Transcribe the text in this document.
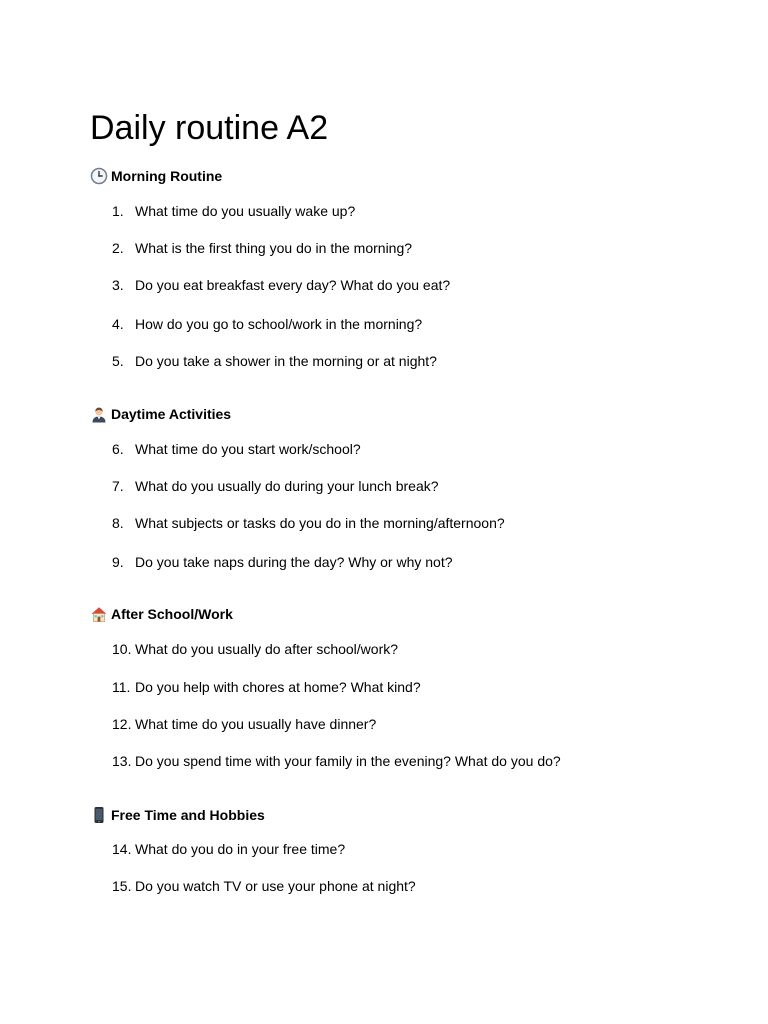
Daily routine A2
Morning Routine
1. What time do you usually wake up?
2. What is the first thing you do in the morning?
3. Do you eat breakfast every day? What do you eat?
4. How do you go to school/work in the morning?
5. Do you take a shower in the morning or at night?
Daytime Activities
6. What time do you start work/school?
7. What do you usually do during your lunch break?
8. What subjects or tasks do you do in the morning/afternoon?
9. Do you take naps during the day? Why or why not?
After School/Work
10. What do you usually do after school/work?
11. Do you help with chores at home? What kind?
12. What time do you usually have dinner?
13. Do you spend time with your family in the evening? What do you do?
Free Time and Hobbies
14. What do you do in your free time?
15. Do you watch TV or use your phone at night?
